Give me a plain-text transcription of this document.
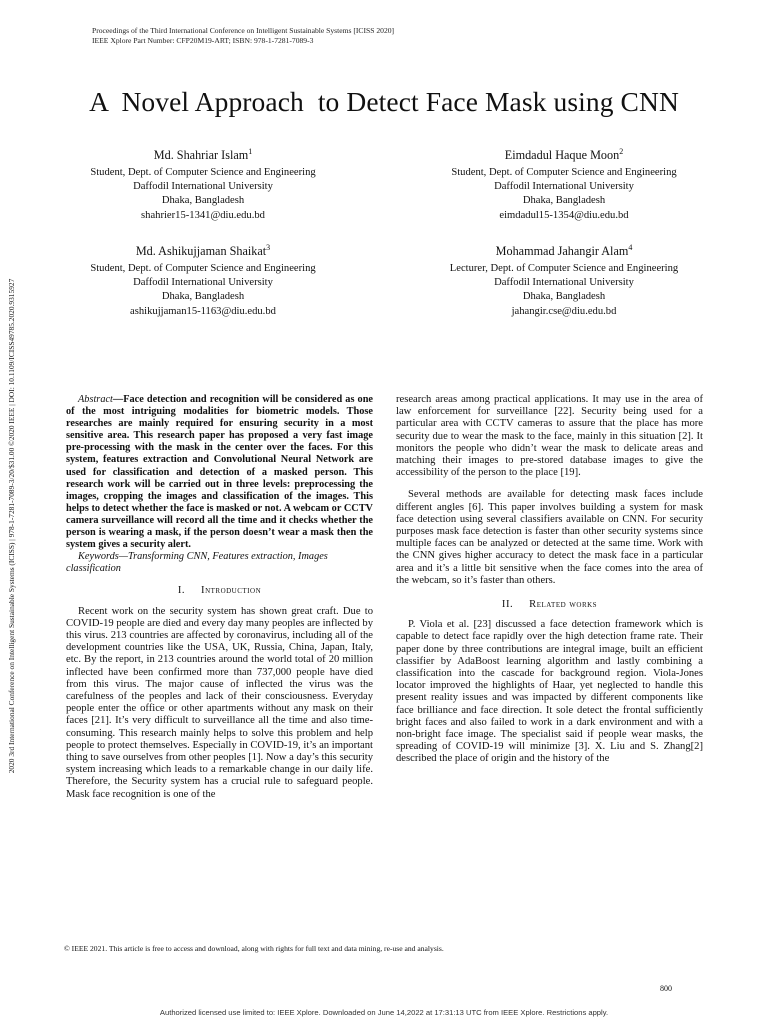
Proceedings of the Third International Conference on Intelligent Sustainable Systems [ICISS 2020]
IEEE Xplore Part Number: CFP20M19-ART; ISBN: 978-1-7281-7089-3
A  Novel Approach  to Detect Face Mask using CNN
Md. Shahriar Islam$^1$
Student, Dept. of Computer Science and Engineering
Daffodil International University
Dhaka, Bangladesh
shahrier15-1341@diu.edu.bd
Eimdadul Haque Moon$^2$
Student, Dept. of Computer Science and Engineering
Daffodil International University
Dhaka, Bangladesh
eimdadul15-1354@diu.edu.bd
Md. Ashikujjaman Shaikat$^3$
Student, Dept. of Computer Science and Engineering
Daffodil International University
Dhaka, Bangladesh
ashikujjaman15-1163@diu.edu.bd
Mohammad Jahangir Alam$^4$
Lecturer, Dept. of Computer Science and Engineering
Daffodil International University
Dhaka, Bangladesh
jahangir.cse@diu.edu.bd
2020 3rd International Conference on Intelligent Sustainable Systems (ICISS) | 978-1-7281-7089-3/20/$31.00 ©2020 IEEE | DOI: 10.1109/ICISS49785.2020.9315927	Abstract—Face detection and recognition will be considered as one of the most intriguing modalities for biometric models. Those researches are mainly required for ensuring security in a most sensitive area. This research paper has proposed a very fast image pre-processing with the mask in the center over the faces. For this system, features extraction and Convolutional Neural Network are used for classification and detection of a masked person. This research work will be carried out in three levels: preprocessing the images, cropping the images and classification of the images. This helps to detect whether the face is masked or not. A webcam or CCTV camera surveillance will record all the time and it checks whether the person is wearing a mask, if the person doesn’t wear a mask then the system gives a security alert.

Keywords—Transforming CNN, Features extraction, Images classification

I. Introduction

Recent work on the security system has shown great craft. Due to COVID-19 people are died and every day many peoples are inflected by this virus. 213 countries are affected by coronavirus, including all of the development countries like the USA, UK, Russia, China, Japan, Italy, etc. By the report, in 213 countries around the world total of 20 million inflected have been confirmed more than 737,000 people have died from this virus. The major cause of inflected the virus was the carefulness of the peoples and lack of their consciousness. Everyday people enter the office or other apartments without any mask on their faces [21]. It’s very difficult to surveillance all the time and also time-consuming. This research mainly helps to solve this problem and help people to protect themselves. Especially in COVID-19, it’s an important thing to save ourselves from other peoples [1]. Now a day’s this security system increasing which leads to a remarkable change in our daily life. Therefore, the Security system has a crucial rule to safeguard people. Mask face recognition is one of the

research areas among practical applications. It may use in the area of law enforcement for surveillance [22]. Security being used for a particular area with CCTV cameras to assure that the place has more security due to wear the mask to the face, mainly in this situation [2]. It monitors the people who didn’t wear the mask to delicate areas and matching their images to pre-stored database images to give the accessibility of the person to the place [19].

Several methods are available for detecting mask faces include different angles [6]. This paper involves building a system for mask face detection using several classifiers available on CNN. For security purposes mask face detection is faster than other security systems since multiple faces can be analyzed or detected at the same time. Work with the CNN gives higher accuracy to detect the mask face in a particular area and it’s a little bit sensitive when the face comes into the area of the webcam, so it’s faster than others.

II. Related works

P. Viola et al. [23] discussed a face detection framework which is capable to detect face rapidly over the high detection frame rate. Their paper done by three contributions are integral image, built an efficient classifier by AdaBoost learning algorithm and lastly combining a classification into the cascade for background region. Viola-Jones locator improved the highlights of Haar, yet neglected to handle this present reality issues and was impacted by different components like face brilliance and face direction. It sole detect the frontal sufficiently bright faces and also failed to work in a dark environment and with a non-bright face image. The specialist said if people wear masks, the spreading of COVID-19 will minimize [3]. X. Liu and S. Zhang[2] described the place of origin and the history of the

© IEEE 2021. This article is free to access and download, along with rights for full text and data mining, re-use and analysis.
800
Authorized licensed use limited to: IEEE Xplore. Downloaded on June 14,2022 at 17:31:13 UTC from IEEE Xplore. Restrictions apply.
